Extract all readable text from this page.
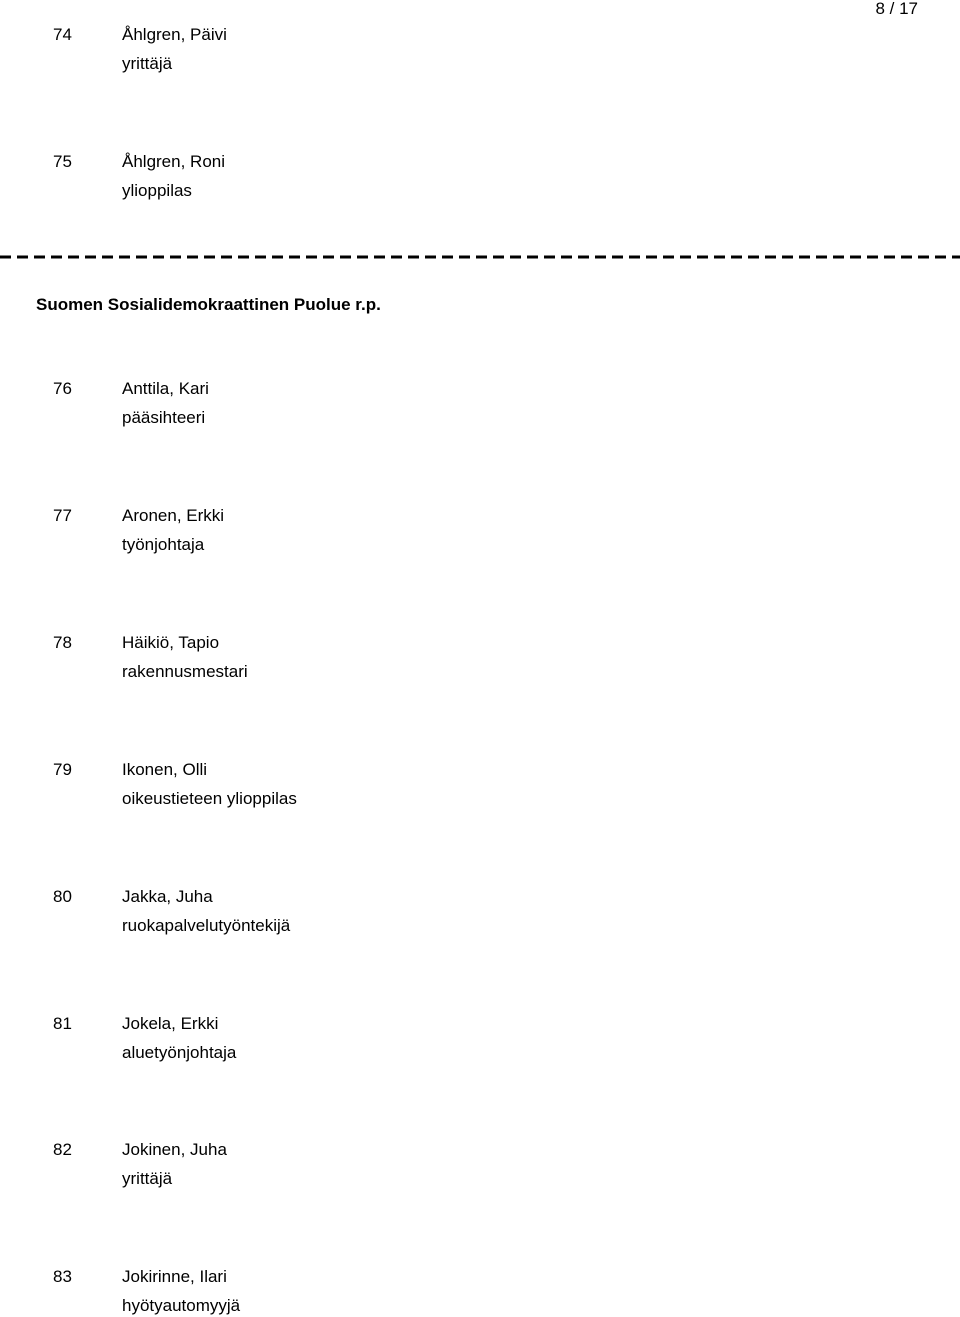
8 / 17
74	Åhlgren, Päivi
yrittäjä
75	Åhlgren, Roni
ylioppilas
Suomen Sosialidemokraattinen Puolue r.p.
76	Anttila, Kari
pääsihteeri
77	Aronen, Erkki
työnjohtaja
78	Häikiö, Tapio
rakennusmestari
79	Ikonen, Olli
oikeustieteen ylioppilas
80	Jakka, Juha
ruokapalvelutyöntekijä
81	Jokela, Erkki
aluetyönjohtaja
82	Jokinen, Juha
yrittäjä
83	Jokirinne, Ilari
hyötyautomyyjä
